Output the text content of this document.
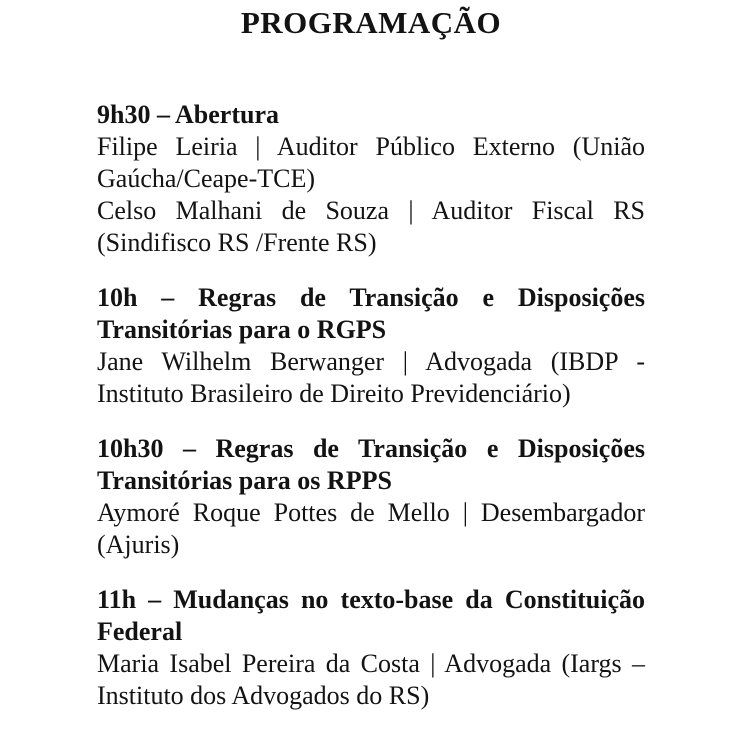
PROGRAMAÇÃO
9h30 – Abertura
Filipe Leiria | Auditor Público Externo (União
Gaúcha/Ceape-TCE)
Celso Malhani de Souza | Auditor Fiscal RS
(Sindifisco RS /Frente RS)
10h – Regras de Transição e Disposições
Transitórias para o RGPS
Jane Wilhelm Berwanger | Advogada (IBDP -
Instituto Brasileiro de Direito Previdenciário)
10h30 – Regras de Transição e Disposições
Transitórias para os RPPS
Aymoré Roque Pottes de Mello | Desembargador
(Ajuris)
11h – Mudanças no texto-base da Constituição
Federal
Maria Isabel Pereira da Costa | Advogada (Iargs –
Instituto dos Advogados do RS)
